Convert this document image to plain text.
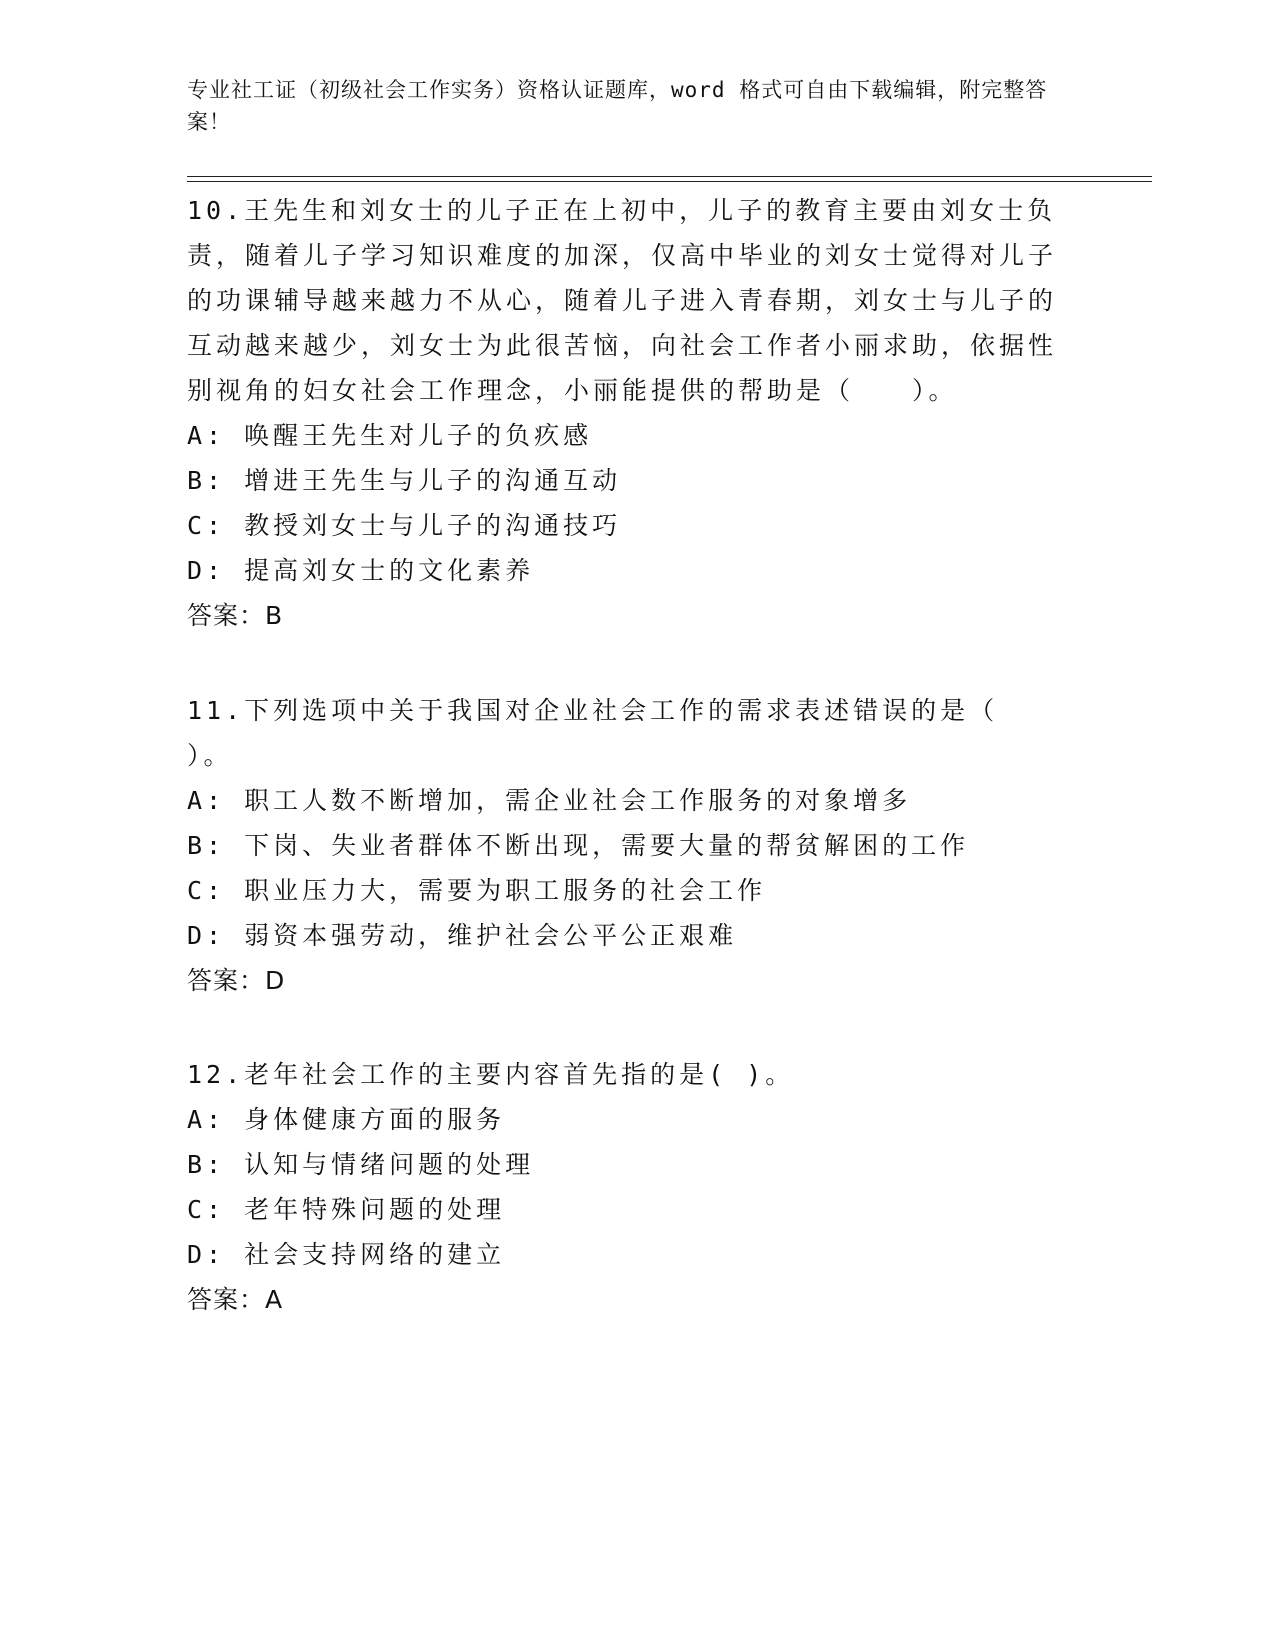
专业社工证（初级社会工作实务）资格认证题库，word 格式可自由下载编辑，附完整答案！

10.王先生和刘女士的儿子正在上初中，儿子的教育主要由刘女士负责，随着儿子学习知识难度的加深，仅高中毕业的刘女士觉得对儿子的功课辅导越来越力不从心，随着儿子进入青春期，刘女士与儿子的互动越来越少，刘女士为此很苦恼，向社会工作者小丽求助，依据性别视角的妇女社会工作理念，小丽能提供的帮助是（　　）。

A: 唤醒王先生对儿子的负疚感

B: 增进王先生与儿子的沟通互动

C: 教授刘女士与儿子的沟通技巧

D: 提高刘女士的文化素养

答案：B

11.下列选项中关于我国对企业社会工作的需求表述错误的是（　　）。

A: 职工人数不断增加，需企业社会工作服务的对象增多

B: 下岗、失业者群体不断出现，需要大量的帮贫解困的工作

C: 职业压力大，需要为职工服务的社会工作

D: 弱资本强劳动，维护社会公平公正艰难

答案：D

12.老年社会工作的主要内容首先指的是( )。

A: 身体健康方面的服务

B: 认知与情绪问题的处理

C: 老年特殊问题的处理

D: 社会支持网络的建立

答案：A
